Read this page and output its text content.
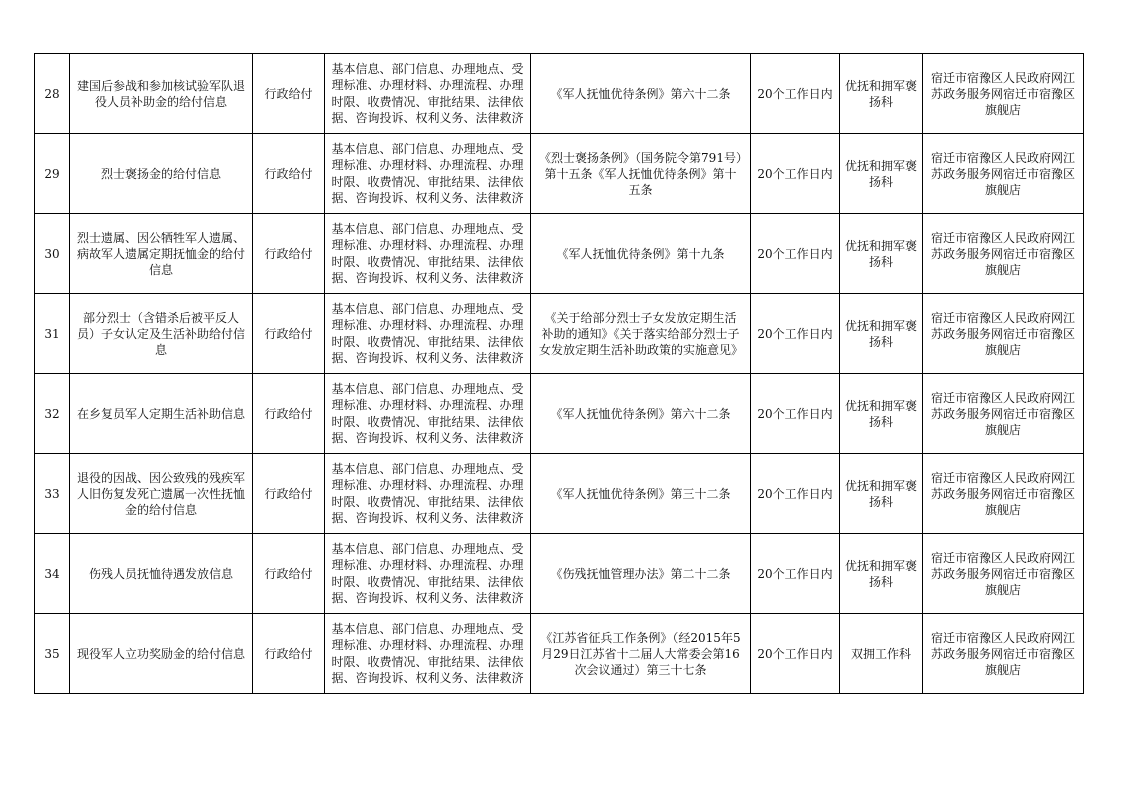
28	建国后参战和参加核试验军队退役人员补助金的给付信息	行政给付	基本信息、部门信息、办理地点、受理标准、办理材料、办理流程、办理时限、收费情况、审批结果、法律依据、咨询投诉、权利义务、法律救济	《军人抚恤优待条例》第六十二条	20个工作日内	优抚和拥军褒扬科	宿迁市宿豫区人民政府网江苏政务服务网宿迁市宿豫区旗舰店
29	烈士褒扬金的给付信息	行政给付	基本信息、部门信息、办理地点、受理标准、办理材料、办理流程、办理时限、收费情况、审批结果、法律依据、咨询投诉、权利义务、法律救济	《烈士褒扬条例》（国务院令第791号）第十五条《军人抚恤优待条例》第十五条	20个工作日内	优抚和拥军褒扬科	宿迁市宿豫区人民政府网江苏政务服务网宿迁市宿豫区旗舰店
30	烈士遗属、因公牺牲军人遗属、病故军人遗属定期抚恤金的给付信息	行政给付	基本信息、部门信息、办理地点、受理标准、办理材料、办理流程、办理时限、收费情况、审批结果、法律依据、咨询投诉、权利义务、法律救济	《军人抚恤优待条例》第十九条	20个工作日内	优抚和拥军褒扬科	宿迁市宿豫区人民政府网江苏政务服务网宿迁市宿豫区旗舰店
31	部分烈士（含错杀后被平反人员）子女认定及生活补助给付信息	行政给付	基本信息、部门信息、办理地点、受理标准、办理材料、办理流程、办理时限、收费情况、审批结果、法律依据、咨询投诉、权利义务、法律救济	《关于给部分烈士子女发放定期生活补助的通知》《关于落实给部分烈士子女发放定期生活补助政策的实施意见》	20个工作日内	优抚和拥军褒扬科	宿迁市宿豫区人民政府网江苏政务服务网宿迁市宿豫区旗舰店
32	在乡复员军人定期生活补助信息	行政给付	基本信息、部门信息、办理地点、受理标准、办理材料、办理流程、办理时限、收费情况、审批结果、法律依据、咨询投诉、权利义务、法律救济	《军人抚恤优待条例》第六十二条	20个工作日内	优抚和拥军褒扬科	宿迁市宿豫区人民政府网江苏政务服务网宿迁市宿豫区旗舰店
33	退役的因战、因公致残的残疾军人旧伤复发死亡遗属一次性抚恤金的给付信息	行政给付	基本信息、部门信息、办理地点、受理标准、办理材料、办理流程、办理时限、收费情况、审批结果、法律依据、咨询投诉、权利义务、法律救济	《军人抚恤优待条例》第三十二条	20个工作日内	优抚和拥军褒扬科	宿迁市宿豫区人民政府网江苏政务服务网宿迁市宿豫区旗舰店
34	伤残人员抚恤待遇发放信息	行政给付	基本信息、部门信息、办理地点、受理标准、办理材料、办理流程、办理时限、收费情况、审批结果、法律依据、咨询投诉、权利义务、法律救济	《伤残抚恤管理办法》第二十二条	20个工作日内	优抚和拥军褒扬科	宿迁市宿豫区人民政府网江苏政务服务网宿迁市宿豫区旗舰店
35	现役军人立功奖励金的给付信息	行政给付	基本信息、部门信息、办理地点、受理标准、办理材料、办理流程、办理时限、收费情况、审批结果、法律依据、咨询投诉、权利义务、法律救济	《江苏省征兵工作条例》（经2015年5月29日江苏省十二届人大常委会第16次会议通过）第三十七条	20个工作日内	双拥工作科	宿迁市宿豫区人民政府网江苏政务服务网宿迁市宿豫区旗舰店
